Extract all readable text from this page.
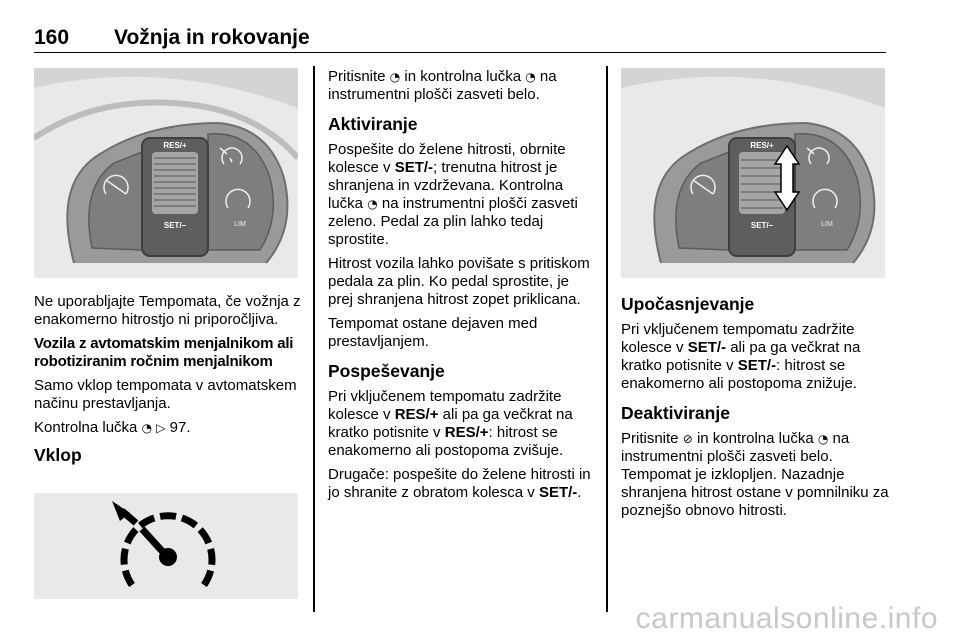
160 Vožnja in rokovanje
RES/+
SET/–	LIM

Ne uporabljajte Tempomata, če vožnja z enakomerno hitrostjo ni priporočljiva.

Vozila z avtomatskim menjalnikom ali robotiziranim ročnim menjalnikom

Samo vklop tempomata v avtomatskem načinu prestavljanja.

Kontrolna lučka ◔ ▷ 97.

Vklop

Pritisnite ◔ in kontrolna lučka ◔ na instrumentni plošči zasveti belo.

Aktiviranje

Pospešite do želene hitrosti, obrnite kolesce v SET/-; trenutna hitrost je shranjena in vzdrževana. Kontrolna lučka ◔ na instrumentni plošči zasveti zeleno. Pedal za plin lahko tedaj sprostite.

Hitrost vozila lahko povišate s pritiskom pedala za plin. Ko pedal sprostite, je prej shranjena hitrost zopet priklicana.

Tempomat ostane dejaven med prestavljanjem.

Pospeševanje

Pri vključenem tempomatu zadržite kolesce v RES/+ ali pa ga večkrat na kratko potisnite v RES/+: hitrost se enakomerno ali postopoma zvišuje.

Drugače: pospešite do želene hitrosti in jo shranite z obratom kolesca v SET/-.

RES/+
SET/–	LIM
Upočasnjevanje

Pri vključenem tempomatu zadržite kolesce v SET/- ali pa ga večkrat na kratko potisnite v SET/-: hitrost se enakomerno ali postopoma znižuje.

Deaktiviranje

Pritisnite ⊘ in kontrolna lučka ◔ na instrumentni plošči zasveti belo. Tempomat je izklopljen. Nazadnje shranjena hitrost ostane v pomnilniku za poznejšo obnovo hitrosti.

carmanualsonline.info
